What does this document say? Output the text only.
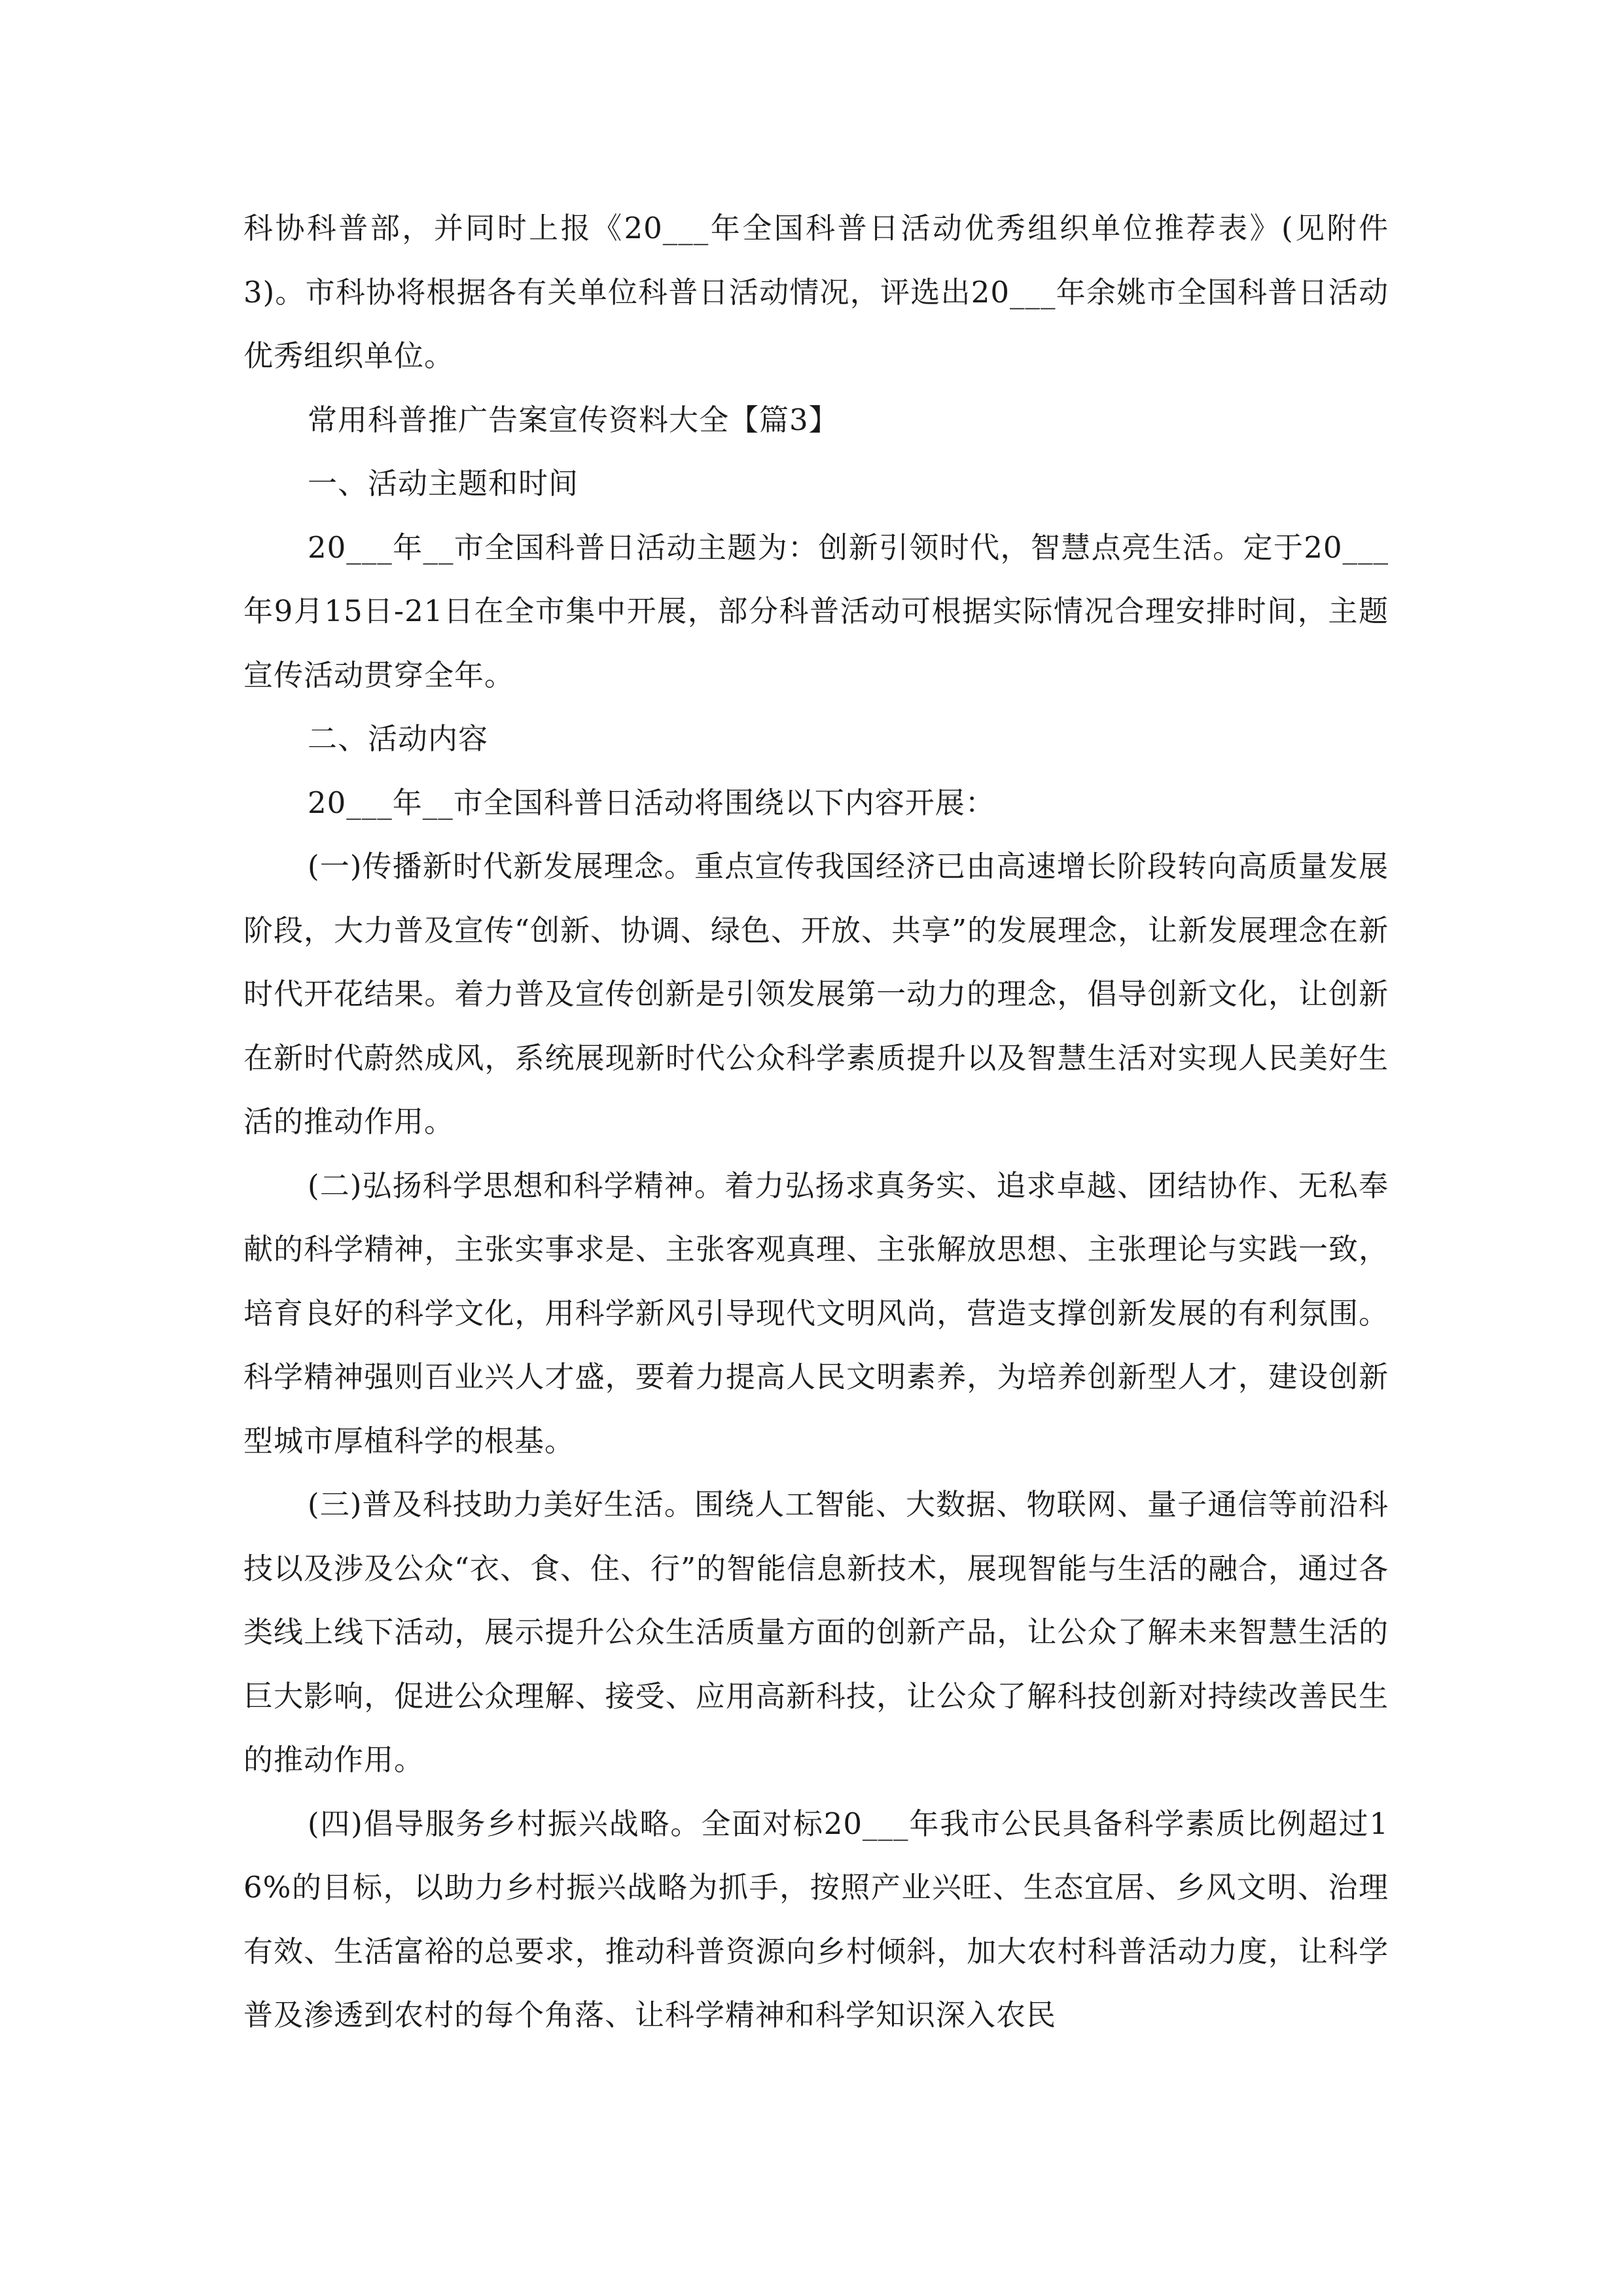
科协科普部，并同时上报《20___年全国科普日活动优秀组织单位推荐表》(见附件3)。市科协将根据各有关单位科普日活动情况，评选出20___年余姚市全国科普日活动优秀组织单位。

常用科普推广告案宣传资料大全【篇3】

一、活动主题和时间

20___年__市全国科普日活动主题为：创新引领时代，智慧点亮生活。定于20___年9月15日-21日在全市集中开展，部分科普活动可根据实际情况合理安排时间，主题宣传活动贯穿全年。

二、活动内容

20___年__市全国科普日活动将围绕以下内容开展：

(一)传播新时代新发展理念。重点宣传我国经济已由高速增长阶段转向高质量发展阶段，大力普及宣传“创新、协调、绿色、开放、共享”的发展理念，让新发展理念在新时代开花结果。着力普及宣传创新是引领发展第一动力的理念，倡导创新文化，让创新在新时代蔚然成风，系统展现新时代公众科学素质提升以及智慧生活对实现人民美好生活的推动作用。

(二)弘扬科学思想和科学精神。着力弘扬求真务实、追求卓越、团结协作、无私奉献的科学精神，主张实事求是、主张客观真理、主张解放思想、主张理论与实践一致，培育良好的科学文化，用科学新风引导现代文明风尚，营造支撑创新发展的有利氛围。科学精神强则百业兴人才盛，要着力提高人民文明素养，为培养创新型人才，建设创新型城市厚植科学的根基。

(三)普及科技助力美好生活。围绕人工智能、大数据、物联网、量子通信等前沿科技以及涉及公众“衣、食、住、行”的智能信息新技术，展现智能与生活的融合，通过各类线上线下活动，展示提升公众生活质量方面的创新产品，让公众了解未来智慧生活的巨大影响，促进公众理解、接受、应用高新科技，让公众了解科技创新对持续改善民生的推动作用。

(四)倡导服务乡村振兴战略。全面对标20___年我市公民具备科学素质比例超过16%的目标，以助力乡村振兴战略为抓手，按照产业兴旺、生态宜居、乡风文明、治理有效、生活富裕的总要求，推动科普资源向乡村倾斜，加大农村科普活动力度，让科学普及渗透到农村的每个角落、让科学精神和科学知识深入农民
